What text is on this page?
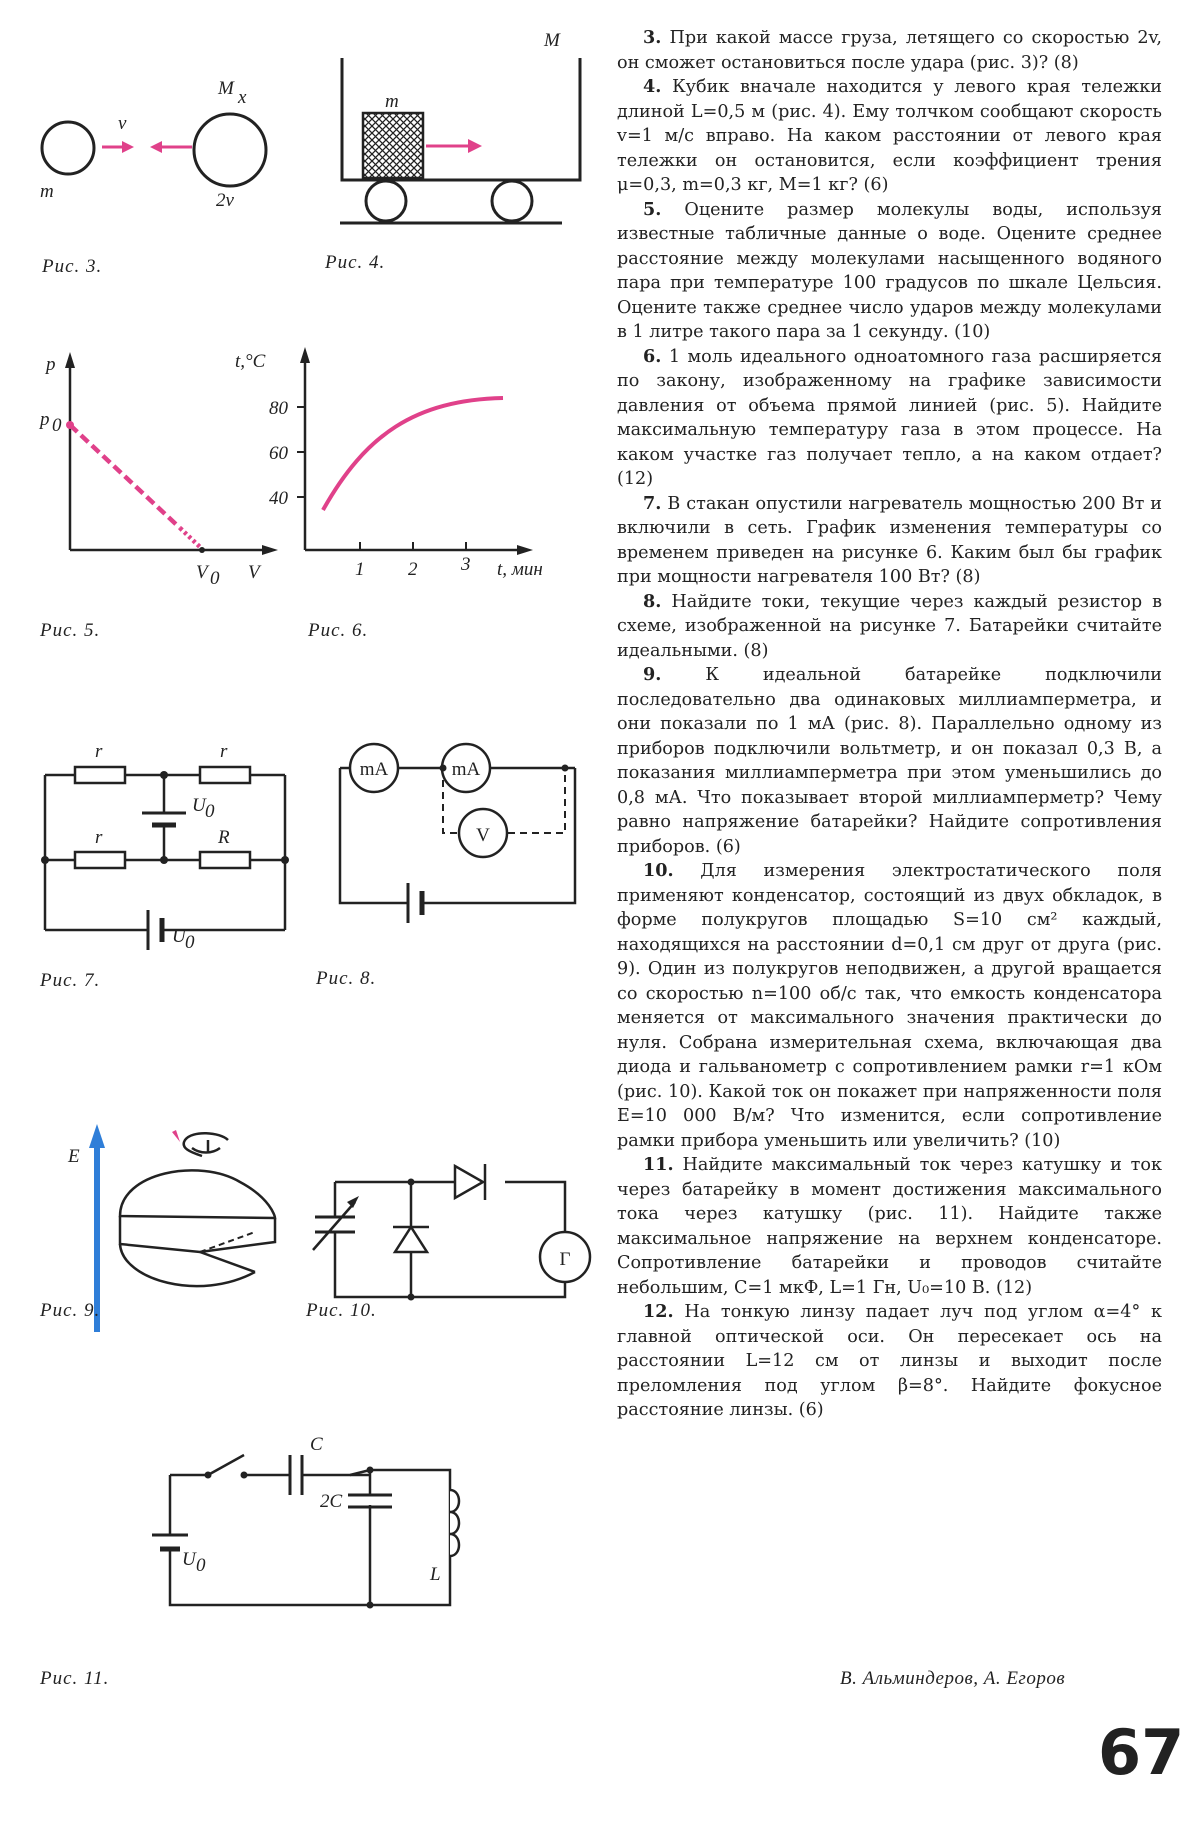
m
v
M x
2v
Рис. 3.
m
M
Рис. 4.
p
p 0
V 0 V
Рис. 5.
t,°C
80
60
40
1 2 3 t, мин
Рис. 6.
r	r
r	R
U 0
U 0
Рис. 7.
mA	mA
V
Рис. 8.
E
Рис. 9.
Г
Рис. 10.
C
2C
L
U 0
Рис. 11.

3. При какой массе груза, летящего со скоростью 2v, он сможет остановиться после удара (рис. 3)? (8)

4. Кубик вначале находится у левого края тележки длиной L=0,5 м (рис. 4). Ему толчком сообщают скорость v=1 м/с вправо. На каком расстоянии от левого края тележки он остановится, если коэффициент трения μ=0,3, m=0,3 кг, M=1 кг? (6)

5. Оцените размер молекулы воды, используя известные табличные данные о воде. Оцените среднее расстояние между молекулами насыщенного водяного пара при температуре 100 градусов по шкале Цельсия. Оцените также среднее число ударов между молекулами в 1 литре такого пара за 1 секунду. (10)

6. 1 моль идеального одноатомного газа расширяется по закону, изображенному на графике зависимости давления от объема прямой линией (рис. 5). Найдите максимальную температуру газа в этом процессе. На каком участке газ получает тепло, а на каком отдает? (12)

7. В стакан опустили нагреватель мощностью 200 Вт и включили в сеть. График изменения температуры со временем приведен на рисунке 6. Каким был бы график при мощности нагревателя 100 Вт? (8)

8. Найдите токи, текущие через каждый резистор в схеме, изображенной на рисунке 7. Батарейки считайте идеальными. (8)

9. К идеальной батарейке подключили последовательно два одинаковых миллиамперметра, и они показали по 1 мА (рис. 8). Параллельно одному из приборов подключили вольтметр, и он показал 0,3 В, а показания миллиамперметра при этом уменьшились до 0,8 мА. Что показывает второй миллиамперметр? Чему равно напряжение батарейки? Найдите сопротивления приборов. (6)

10. Для измерения электростатического поля применяют конденсатор, состоящий из двух обкладок, в форме полукругов площадью S=10 см² каждый, находящихся на расстоянии d=0,1 см друг от друга (рис. 9). Один из полукругов неподвижен, а другой вращается со скоростью n=100 об/с так, что емкость конденсатора меняется от максимального значения практически до нуля. Собрана измерительная схема, включающая два диода и гальванометр с сопротивлением рамки r=1 кОм (рис. 10). Какой ток он покажет при напряженности поля E=10 000 В/м? Что изменится, если сопротивление рамки прибора уменьшить или увеличить? (10)

11. Найдите максимальный ток через катушку и ток через батарейку в момент достижения максимального тока через катушку (рис. 11). Найдите также максимальное напряжение на верхнем конденсаторе. Сопротивление батарейки и проводов считайте небольшим, C=1 мкФ, L=1 Гн, U₀=10 В. (12)

12. На тонкую линзу падает луч под углом α=4° к главной оптической оси. Он пересекает ось на расстоянии L=12 см от линзы и выходит после преломления под углом β=8°. Найдите фокусное расстояние линзы. (6)

В. Альминдеров, А. Егоров
67
